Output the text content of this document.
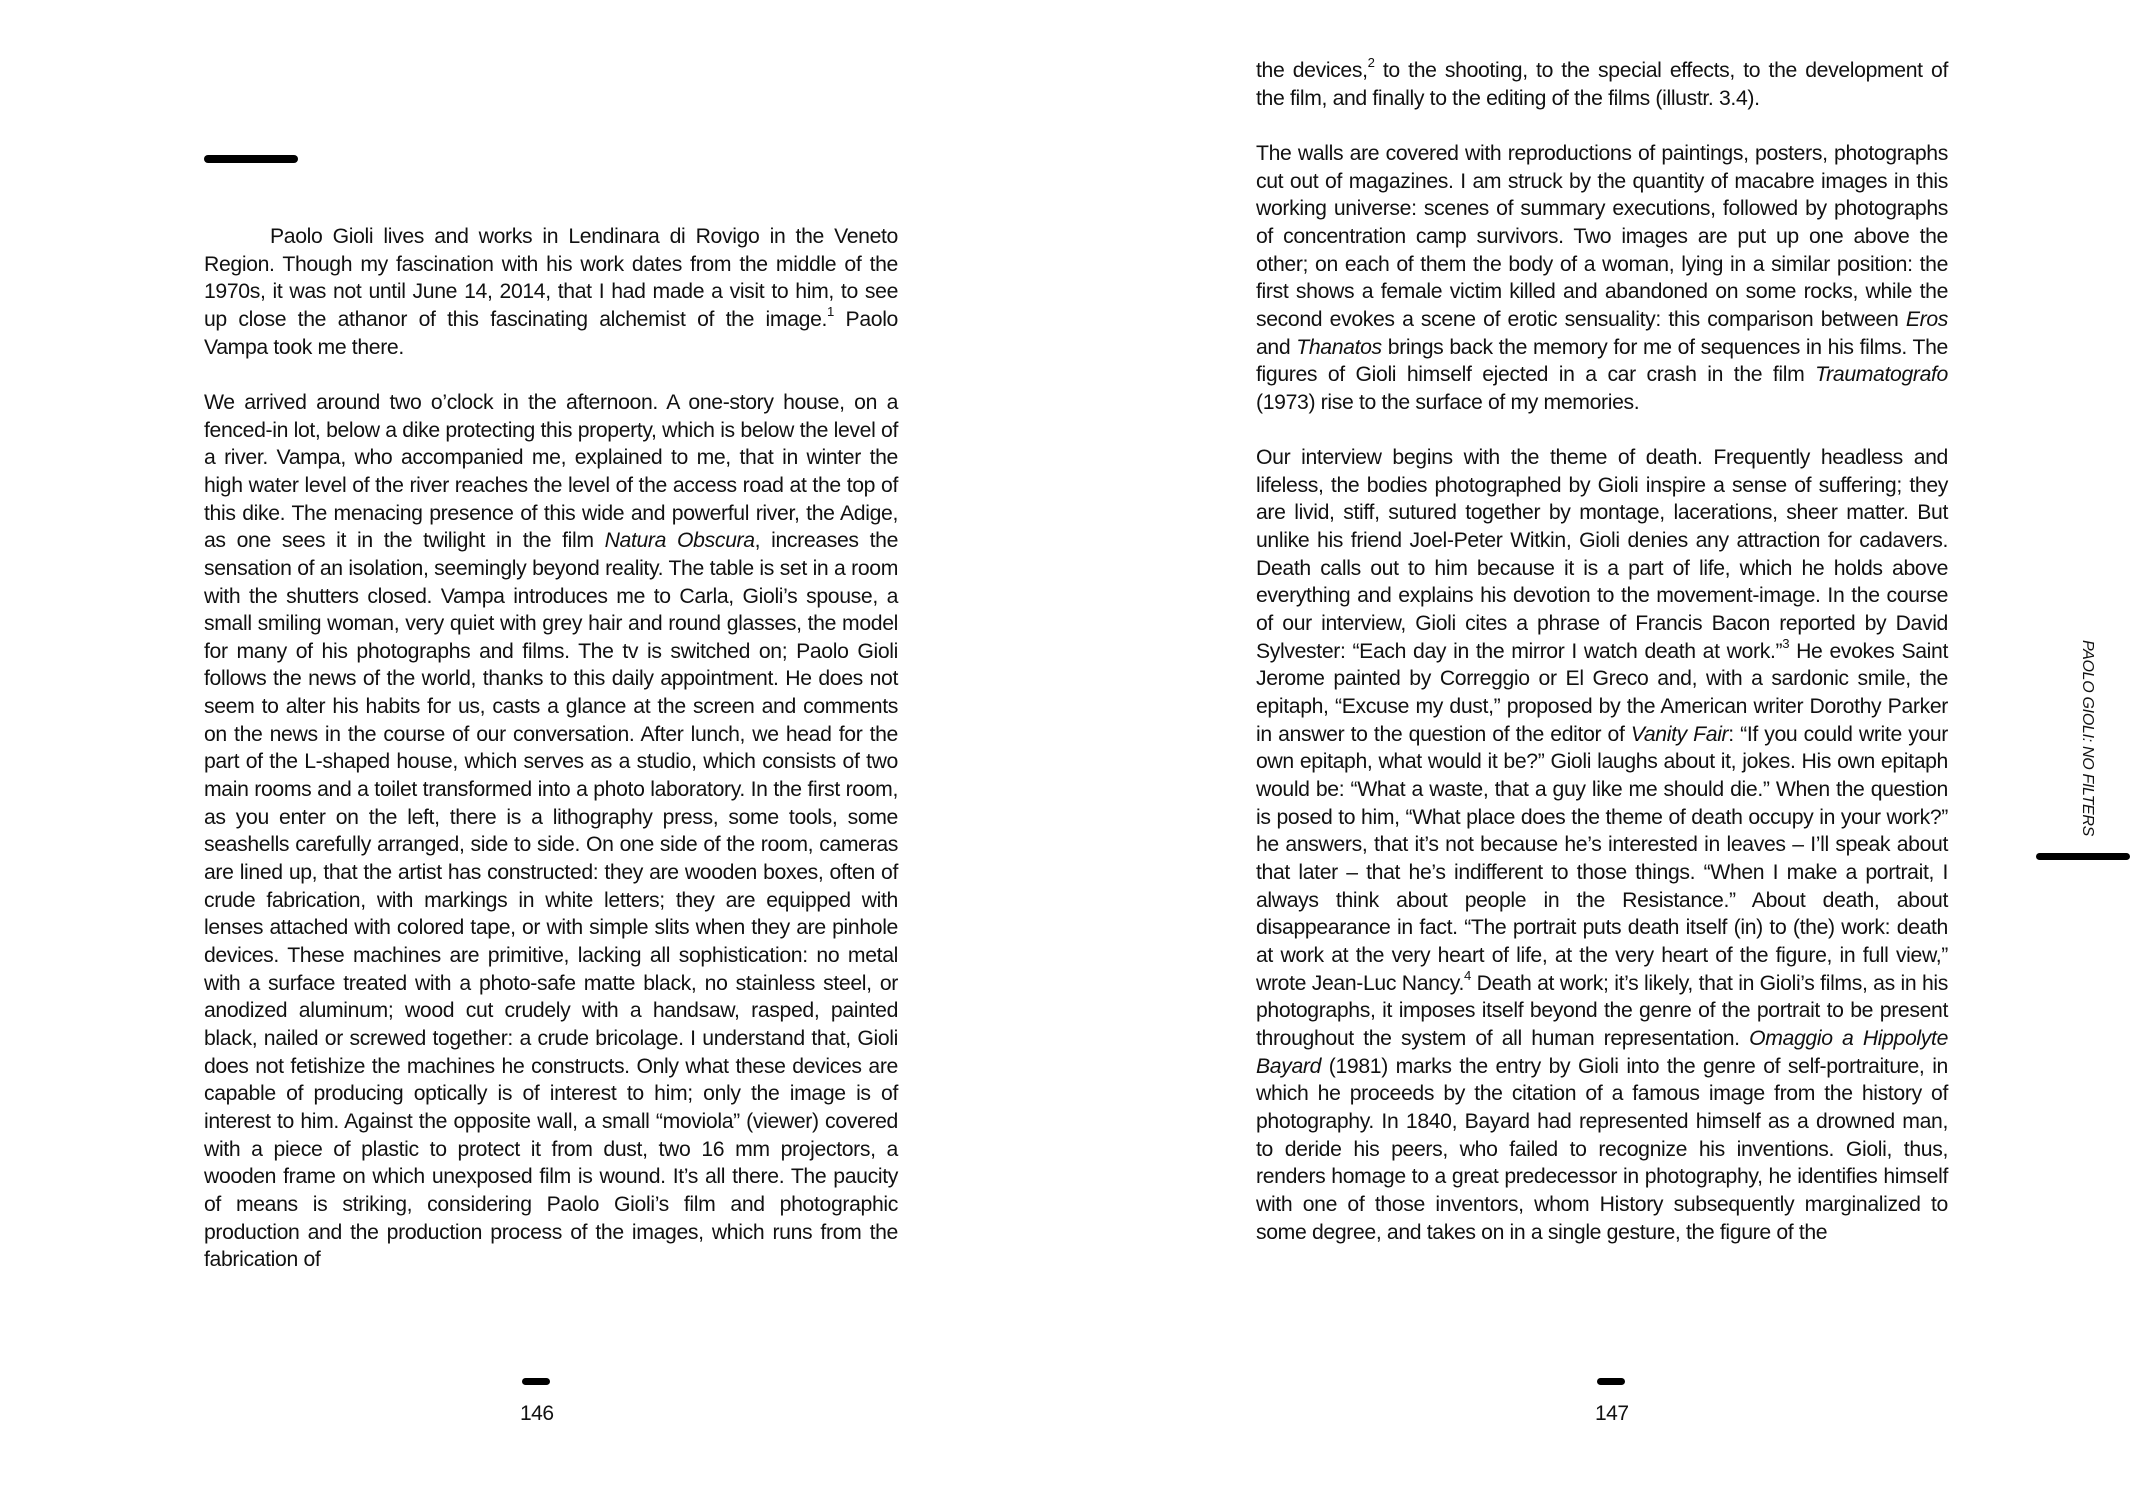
Paolo Gioli lives and works in Lendinara di Rovigo in the Veneto Region. Though my fascination with his work dates from the middle of the 1970s, it was not until June 14, 2014, that I had made a visit to him, to see up close the athanor of this fascinating alchemist of the image.$^1$ Paolo Vampa took me there.

We arrived around two o’clock in the afternoon. A one-story house, on a fenced-in lot, below a dike protecting this property, which is below the level of a river. Vampa, who accompanied me, explained to me, that in winter the high water level of the river reaches the level of the access road at the top of this dike. The menacing presence of this wide and powerful river, the Adige, as one sees it in the twilight in the film Natura Obscura, increases the sensation of an isolation, seemingly beyond reality. The table is set in a room with the shutters closed. Vampa introduces me to Carla, Gioli’s spouse, a small smiling woman, very quiet with grey hair and round glasses, the model for many of his photographs and films. The tv is switched on; Paolo Gioli follows the news of the world, thanks to this daily appointment. He does not seem to alter his habits for us, casts a glance at the screen and comments on the news in the course of our conversation. After lunch, we head for the part of the L-shaped house, which serves as a studio, which consists of two main rooms and a toilet transformed into a photo laboratory. In the first room, as you enter on the left, there is a lithography press, some tools, some seashells carefully arranged, side to side. On one side of the room, cameras are lined up, that the artist has constructed: they are wooden boxes, often of crude fabrication, with markings in white letters; they are equipped with lenses attached with colored tape, or with simple slits when they are pinhole devices. These machines are primitive, lacking all sophistication: no metal with a surface treated with a photo-safe matte black, no stainless steel, or anodized aluminum; wood cut crudely with a handsaw, rasped, painted black, nailed or screwed together: a crude bricolage. I understand that, Gioli does not fetishize the machines he constructs. Only what these devices are capable of producing optically is of interest to him; only the image is of interest to him. Against the opposite wall, a small “moviola” (viewer) covered with a piece of plastic to protect it from dust, two 16 mm projectors, a wooden frame on which unexposed film is wound. It’s all there. The paucity of means is striking, considering Paolo Gioli’s film and photographic production and the production process of the images, which runs from the fabrication of

146

the devices,$^2$ to the shooting, to the special effects, to the development of the film, and finally to the editing of the films (illustr. 3.4).

The walls are covered with reproductions of paintings, posters, photographs cut out of magazines. I am struck by the quantity of macabre images in this working universe: scenes of summary executions, followed by photographs of concentration camp survivors. Two images are put up one above the other; on each of them the body of a woman, lying in a similar position: the first shows a female victim killed and abandoned on some rocks, while the second evokes a scene of erotic sensuality: this comparison between Eros and Thanatos brings back the memory for me of sequences in his films. The figures of Gioli himself ejected in a car crash in the film Traumatografo (1973) rise to the surface of my memories.

Our interview begins with the theme of death. Frequently headless and lifeless, the bodies photographed by Gioli inspire a sense of suffering; they are livid, stiff, sutured together by montage, lacerations, sheer matter. But unlike his friend Joel-Peter Witkin, Gioli denies any attraction for cadavers. Death calls out to him because it is a part of life, which he holds above everything and explains his devotion to the movement-image. In the course of our interview, Gioli cites a phrase of Francis Bacon reported by David Sylvester: “Each day in the mirror I watch death at work.”$^3$ He evokes Saint Jerome painted by Correggio or El Greco and, with a sardonic smile, the epitaph, “Excuse my dust,” proposed by the American writer Dorothy Parker in answer to the question of the editor of Vanity Fair: “If you could write your own epitaph, what would it be?” Gioli laughs about it, jokes. His own epitaph would be: “What a waste, that a guy like me should die.” When the question is posed to him, “What place does the theme of death occupy in your work?” he answers, that it’s not because he’s interested in leaves – I’ll speak about that later – that he’s indifferent to those things. “When I make a portrait, I always think about people in the Resistance.” About death, about disappearance in fact. “The portrait puts death itself (in) to (the) work: death at work at the very heart of life, at the very heart of the figure, in full view,” wrote Jean-Luc Nancy.$^4$ Death at work; it’s likely, that in Gioli’s films, as in his photographs, it imposes itself beyond the genre of the portrait to be present throughout the system of all human representation. Omaggio a Hippolyte Bayard (1981) marks the entry by Gioli into the genre of self-portraiture, in which he proceeds by the citation of a famous image from the history of photography. In 1840, Bayard had represented himself as a drowned man, to deride his peers, who failed to recognize his inventions. Gioli, thus, renders homage to a great predecessor in photography, he identifies himself with one of those inventors, whom History subsequently marginalized to some degree, and takes on in a single gesture, the figure of the

PAOLO GIOLI: NO FILTERS
147
